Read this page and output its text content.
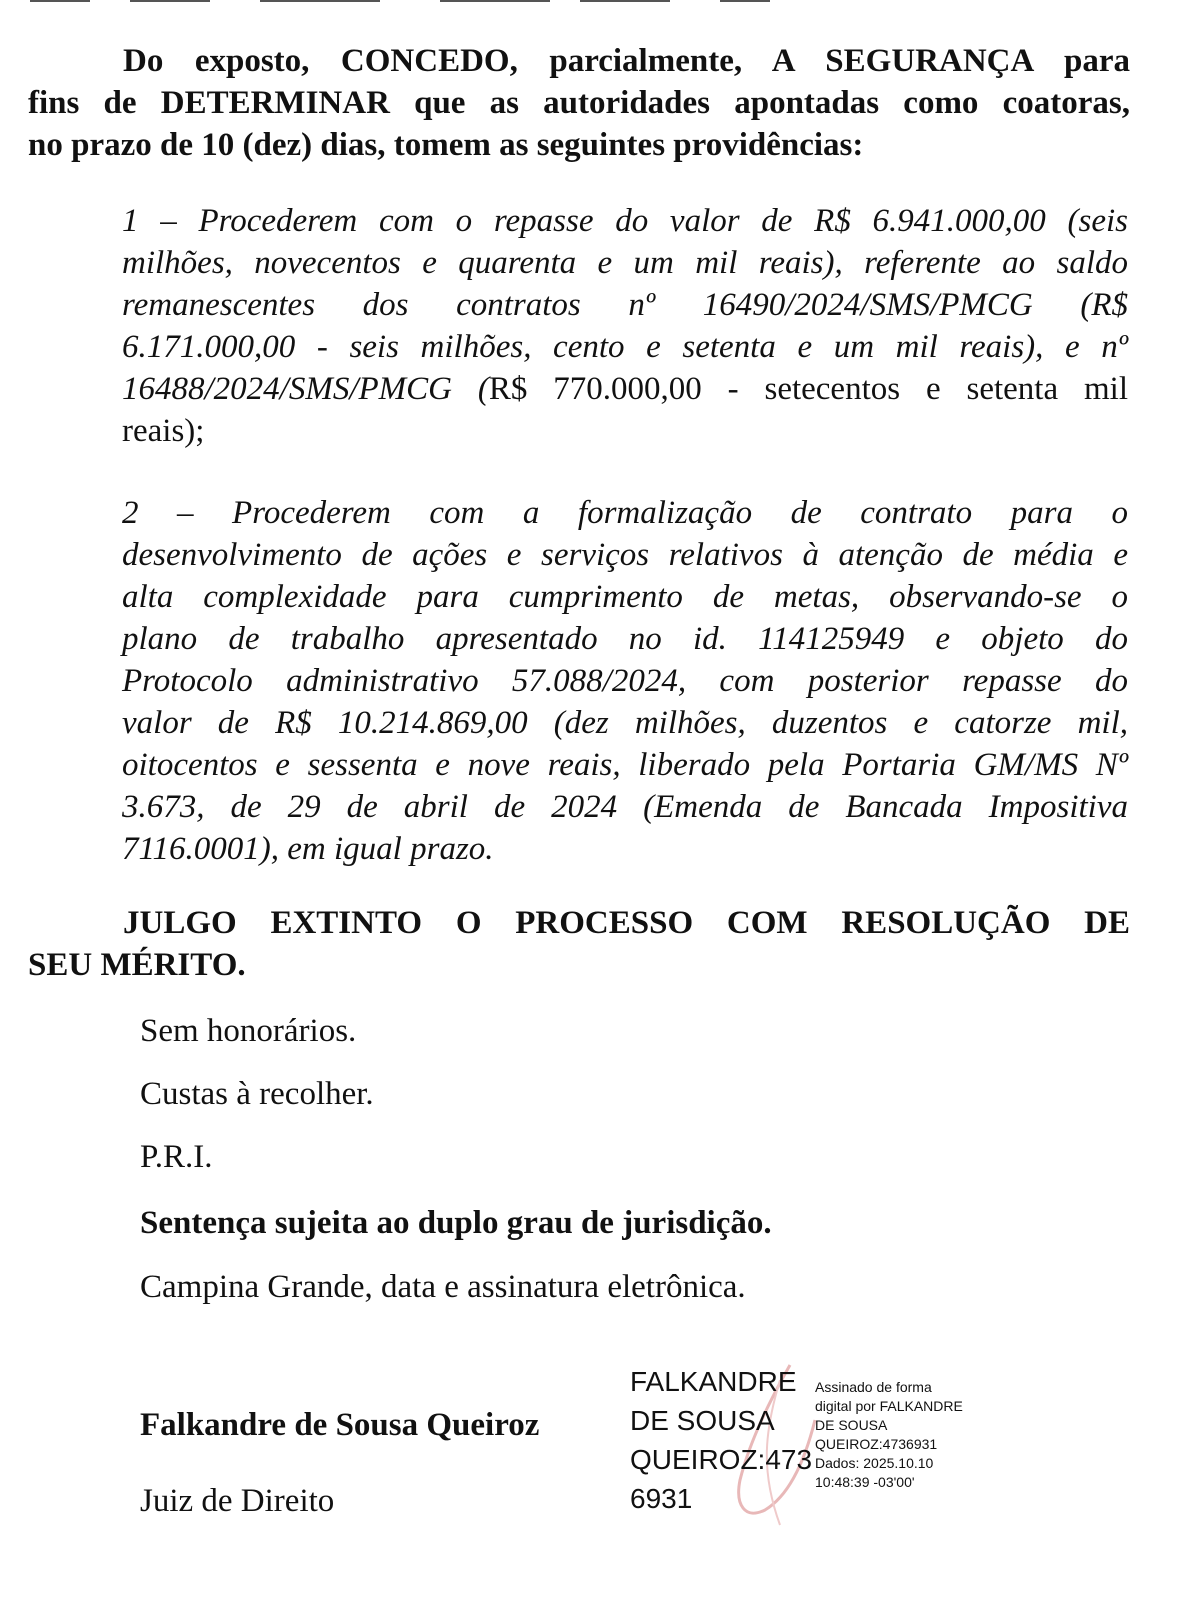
Do exposto, CONCEDO, parcialmente, A SEGURANÇA para
fins de DETERMINAR que as autoridades apontadas como coatoras,
no prazo de 10 (dez) dias, tomem as seguintes providências:
1 – Procederem com o repasse do valor de R$ 6.941.000,00 (seis
milhões, novecentos e quarenta e um mil reais), referente ao saldo
remanescentes dos contratos nº 16490/2024/SMS/PMCG (R$
6.171.000,00 - seis milhões, cento e setenta e um mil reais), e nº
16488/2024/SMS/PMCG (R$ 770.000,00 - setecentos e setenta mil
reais);
2 – Procederem com a formalização de contrato para o
desenvolvimento de ações e serviços relativos à atenção de média e
alta complexidade para cumprimento de metas, observando-se o
plano de trabalho apresentado no id. 114125949 e objeto do
Protocolo administrativo 57.088/2024, com posterior repasse do
valor de R$ 10.214.869,00 (dez milhões, duzentos e catorze mil,
oitocentos e sessenta e nove reais, liberado pela Portaria GM/MS Nº
3.673, de 29 de abril de 2024 (Emenda de Bancada Impositiva
7116.0001), em igual prazo.
JULGO EXTINTO O PROCESSO COM RESOLUÇÃO DE
SEU MÉRITO.

Sem honorários.

Custas à recolher.

P.R.I.

Sentença sujeita ao duplo grau de jurisdição.

Campina Grande, data e assinatura eletrônica.

Falkandre de Sousa Queiroz
Juiz de Direito
FALKANDRE
DE SOUSA
QUEIROZ:473
6931
Assinado de forma
digital por FALKANDRE
DE SOUSA
QUEIROZ:4736931
Dados: 2025.10.10
10:48:39 -03'00'
